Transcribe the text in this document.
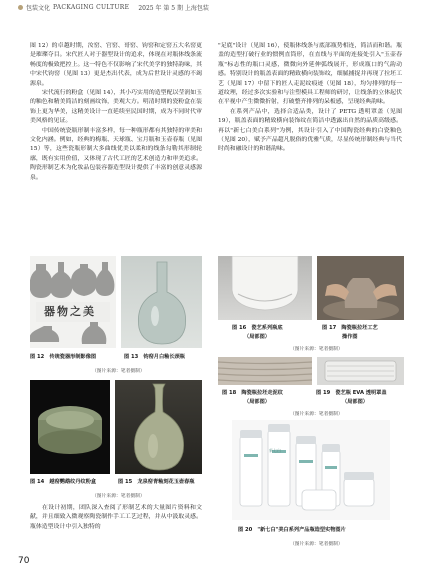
包装文化 PACKAGING CULTURE 2025 年 第 5 期 上海包装

图 12）的卓越时期，汝窑、官窑、哥窑、钧窑和定窑五大名窑更是璀璨夺目。宋代匠人对于器型设计的追求，体现在对瓶体线条流畅度的极致把控上。这一特色不仅影响了宋代美学的独特韵味，其中宋代钧窑（见图 13）更是杰出代表，成为后世设计灵感的不竭源泉。

宋代流行的粉盒（见图 14），其小巧实用的造型配以莹润如玉的釉色和精美简洁的刻画纹饰，美观大方。明清时期的瓷粉盒在装饰上更为华美，这精美设计一直延续至民国时期，成为不同时代审美风格的见证。

中国传统瓷瓶形制丰富多样，每一种瓶形都有其独特的审美和文化内涵。例如，经典的梅瓶、天球瓶、宝月瓶和玉壶春瓶（见图 15）等，这些瓷瓶形制大多曲线优美以柔和的线条勾勒其形制轮廓，既有实用价值，又体现了古代工匠的艺术创造力和审美追求。陶瓷形制艺术为化妆品包装容器造型设计提供了丰富的创意灵感源泉。

器物之美
图 12　传统瓷器形制影像图	图 13　钧窑月白釉长颈瓶
（图片来源：笔者摄制）
图 14　越窑鹦鹉纹丹纹粉盒	图 15　龙泉窑青釉刻花玉壶春瓶
（图片来源：笔者摄制）

在设计初期，团队深入查阅了形制艺术的大量图片资料和文献，并且细致入微观察陶瓷制作手工工艺过程，并从中汲取灵感。瓶体造型设计中引入独特的

"足底"设计（见图 16），使瓶体线条与底部瓶势相连，简洁而和谐。瓶盖的造型打破行业的惯例直筒形，在直线与平面的连接处引入"玉壶春瓶"标志性的瓶口灵感，微微向外延伸弧线展开，形成瓶口的气韵动感。特别设计的瓶盖表面的精致横向装饰纹，细腻捕捉并再现了拉坯工艺（见图 17）中留下的匠人走泥纹痕迹（见图 18），均匀排列的每一道纹理，经过多次实验和与注塑模具工程师的研讨，让线条的立体起伏在平视中产生微微折射，打破整齐排列的呆板感，呈现经典韵味。

在系列产品中，选择合适品类，设计了 PETG 透明罩盖（见图 19），瓶盖表面的精致横向装饰纹在简洁中透露出自然的品质高级感。再以"新七白美白系列"为例，其设计引入了中国陶瓷经典的白瓷釉色（见图 20），赋予产品超凡脱俗的优雅气质，尽显传统形制经典与当代时尚和融设计的和谐韵味。

图 16　瓷艺系列瓶底
（局部图）
图 17　陶瓷瓶拉坯工艺
操作图
（图片来源：笔者摄制）
图 18　陶瓷瓶拉坯走泥纹
（局部图）
图 19　瓷艺瓶 EVA 透明罩盖
（局部图）
（图片来源：笔者摄制）
新七白
图 20　"新七白"美白系列产品瓶造型实物图片
（图片来源：笔者摄制）
70
